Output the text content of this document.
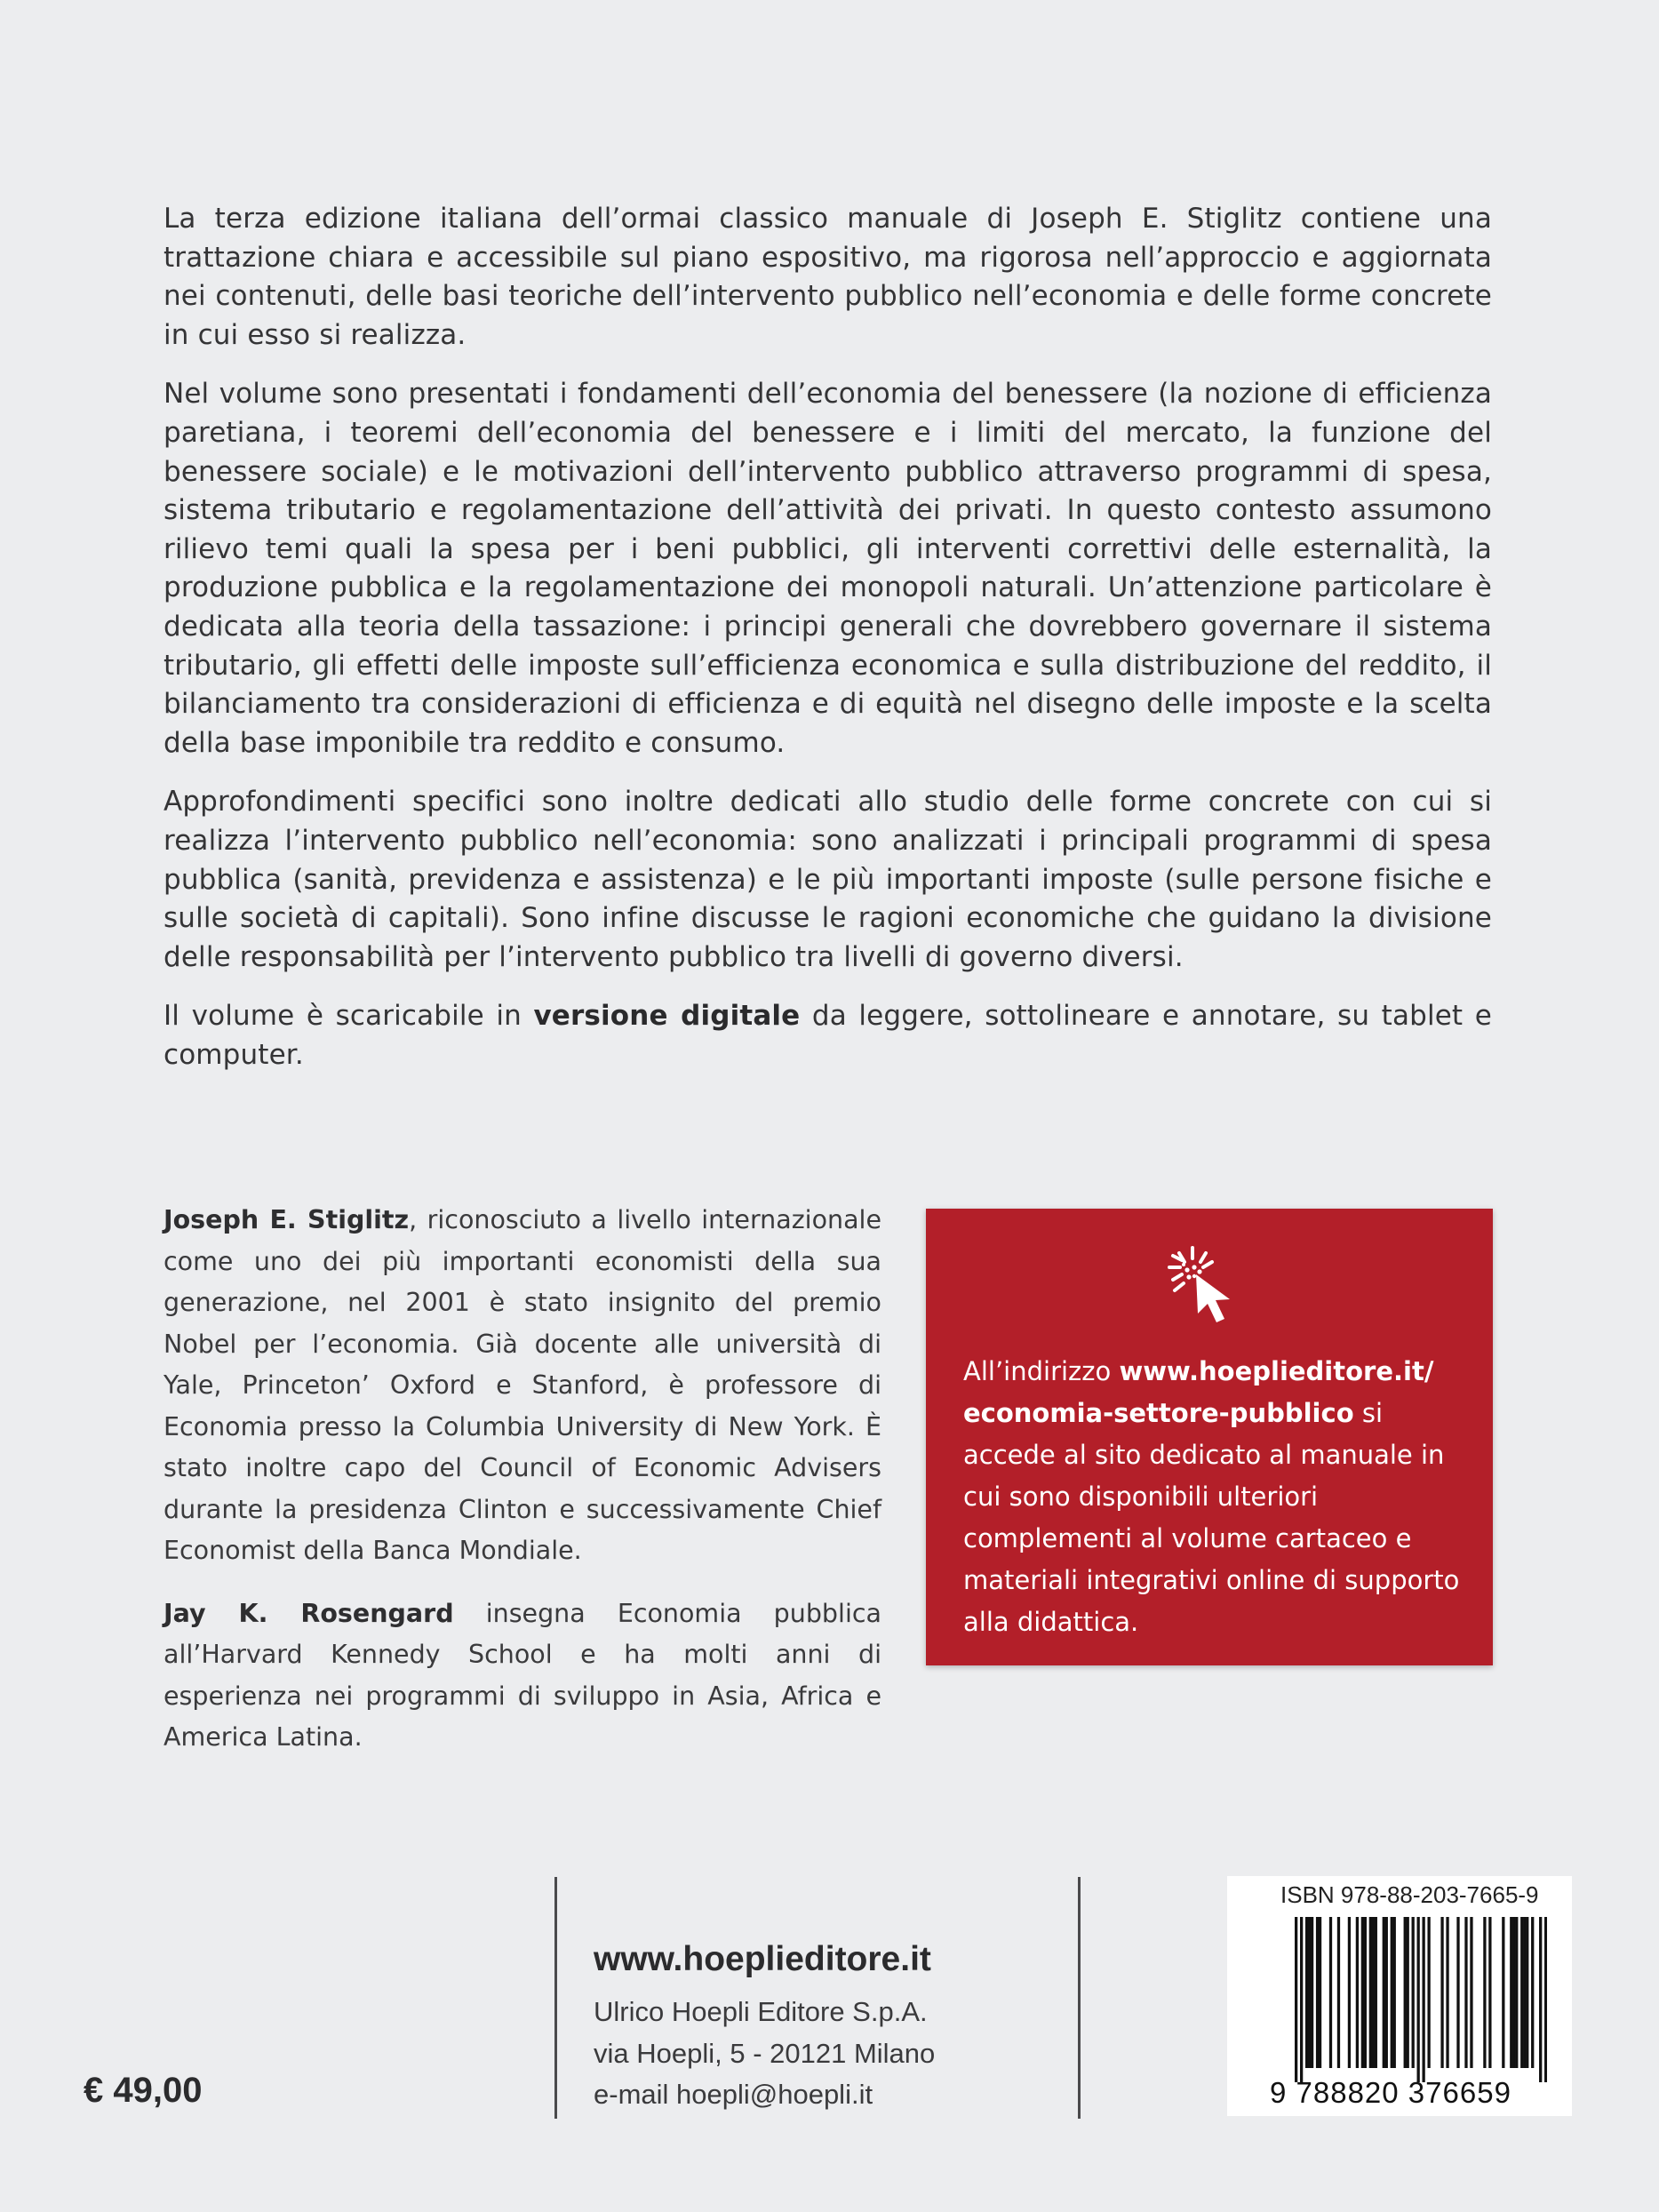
La terza edizione italiana dell’ormai classico manuale di Joseph E. Stiglitz contiene una trattazione chiara e accessibile sul piano espositivo, ma rigorosa nell’approccio e aggiornata nei contenuti, delle basi teoriche dell’intervento pubblico nell’economia e delle forme concrete in cui esso si realizza.

Nel volume sono presentati i fondamenti dell’economia del benessere (la nozione di efficienza paretiana, i teoremi dell’economia del benessere e i limiti del mercato, la funzione del benessere sociale) e le motivazioni dell’intervento pubblico attraverso programmi di spesa, sistema tributario e regolamentazione dell’attività dei privati. In questo contesto assumono rilievo temi quali la spesa per i beni pubblici, gli interventi correttivi delle esternalità, la produzione pubblica e la regolamentazione dei monopoli naturali. Un’attenzione particolare è dedicata alla teoria della tassazione: i principi generali che dovrebbero governare il sistema tributario, gli effetti delle imposte sull’efficienza economica e sulla distribuzione del reddito, il bilanciamento tra considerazioni di efficienza e di equità nel disegno delle imposte e la scelta della base imponibile tra reddito e consumo.

Approfondimenti specifici sono inoltre dedicati allo studio delle forme concrete con cui si realizza l’intervento pubblico nell’economia: sono analizzati i principali programmi di spesa pubblica (sanità, previdenza e assistenza) e le più importanti imposte (sulle persone fisiche e sulle società di capitali). Sono infine discusse le ragioni economiche che guidano la divisione delle responsabilità per l’intervento pubblico tra livelli di governo diversi.

Il volume è scaricabile in versione digitale da leggere, sottolineare e annotare, su tablet e computer.

Joseph E. Stiglitz, riconosciuto a livello internazionale come uno dei più importanti economisti della sua generazione, nel 2001 è stato insignito del premio Nobel per l’economia. Già docente alle università di Yale, Princeton’ Oxford e Stanford, è professore di Economia presso la Columbia University di New York. È stato inoltre capo del Council of Economic Advisers durante la presidenza Clinton e successivamente Chief Economist della Banca Mondiale.

Jay K. Rosengard insegna Economia pubblica all’Harvard Kennedy School e ha molti anni di esperienza nei programmi di sviluppo in Asia, Africa e America Latina.

All’indirizzo www.hoeplieditore.it/
economia-settore-pubblico si accede al sito dedicato al manuale in cui sono disponibili ulteriori complementi al volume cartaceo e materiali integrativi online di supporto alla didattica.

www.hoeplieditore.it
Ulrico Hoepli Editore S.p.A.
via Hoepli, 5 - 20121 Milano
e-mail hoepli@hoepli.it
€ 49,00
ISBN 978-88-203-7665-9
9 788820 376659
